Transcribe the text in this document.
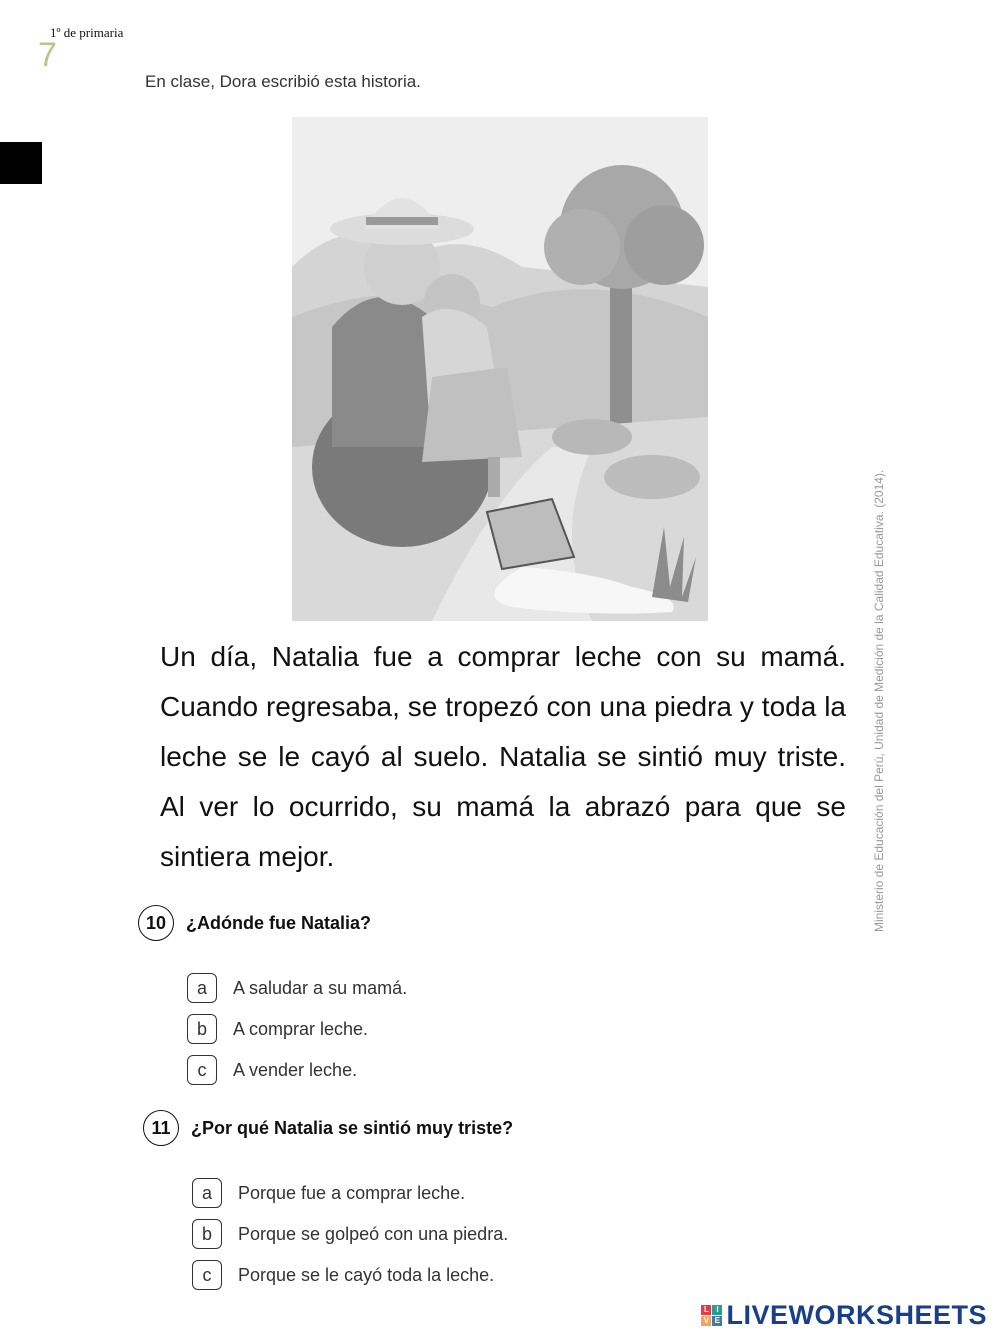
1º de primaria
7
En clase, Dora escribió esta historia.
Ministerio de Educación del Perú, Unidad de Medición de la Calidad Educativa. (2014).
Un día, Natalia fue a comprar leche con su mamá. Cuando regresaba, se tropezó con una piedra y toda la leche se le cayó al suelo. Natalia se sintió muy triste. Al ver lo ocurrido, su mamá la abrazó para que se sintiera mejor.
10	¿Adónde fue Natalia?
a	A saludar a su mamá.
b	A comprar leche.
c	A vender leche.
11	¿Por qué Natalia se sintió muy triste?
a	Porque fue a comprar leche.
b	Porque se golpeó con una piedra.
c	Porque se le cayó toda la leche.
L I
V E LIVEWORKSHEETS
